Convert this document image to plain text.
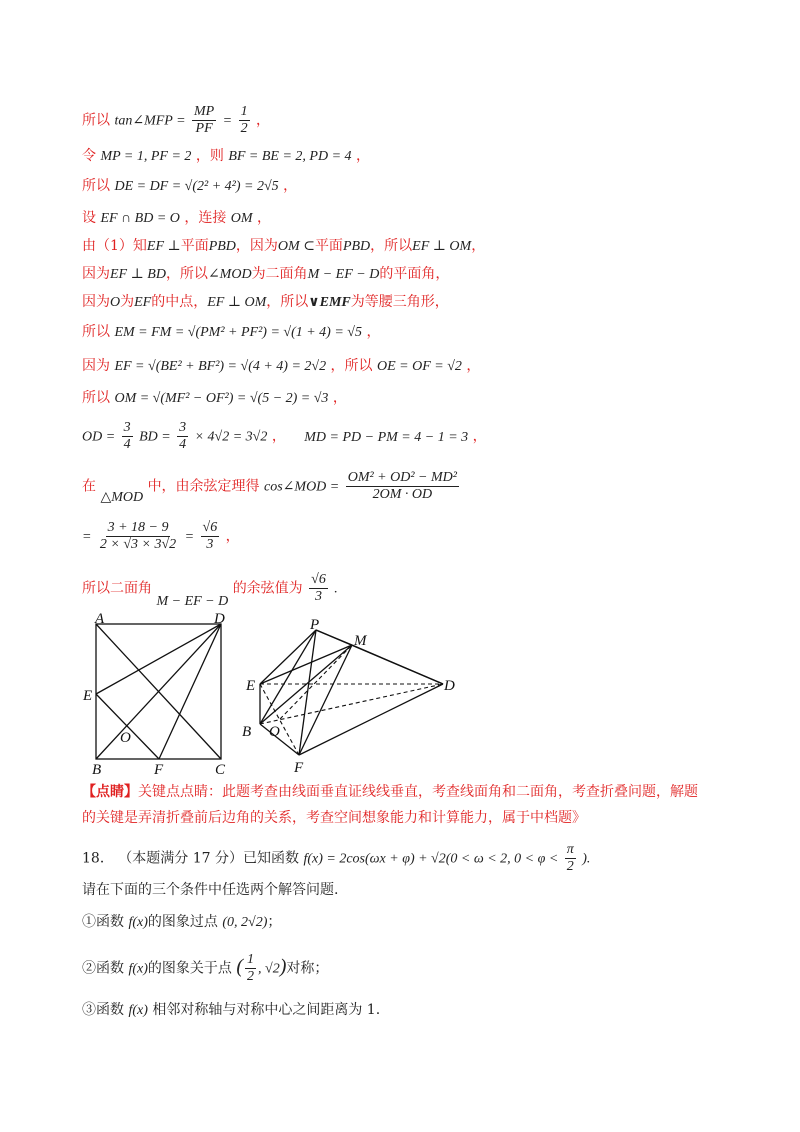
所以 tan∠MFP = $\frac{MP}{PF} = \frac{1}{2}$ ，
令 MP = 1, PF = 2 ，则 BF = BE = 2, PD = 4 ，
所以 DE = DF = √(2² + 4²) = 2√5 ，
设 EF ∩ BD = O ，连接 OM ，
由（1）知EF ⊥平面PBD，因为OM ⊂平面PBD，所以EF ⊥ OM，
因为EF ⊥ BD，所以∠MOD为二面角M − EF − D的平面角，
因为O为EF的中点，EF ⊥ OM，所以∨EMF为等腰三角形，
所以 EM = FM = √(PM² + PF²) = √(1 + 4) = √5 ，
因为 EF = √(BE² + BF²) = √(4 + 4) = 2√2 ，所以 OE = OF = √2 ，
所以 OM = √(MF² − OF²) = √(5 − 2) = √3 ，
OD = $\frac{3}{4}$ BD = $\frac{3}{4} \times 4√2 = 3√2$ ， MD = PD − PM = 4 − 1 = 3 ，
在 △MOD 中，由余弦定理得 cos∠MOD = $\frac{\text{OM² + OD² − MD²}}{2OM \cdot OD}$
= $\frac{3 + 18 - 9}{2 \times √3 \times 3√2} = \frac{√6}{3}$ ，
所以二面角 M − EF − D 的余弦值为 $\frac{√6}{3}$ .
A	D
E
O
B	F	C
P
M
E	D
B O
F
【点睛】关键点点睛：此题考查由线面垂直证线线垂直，考查线面角和二面角，考查折叠问题，解题
的关键是弄清折叠前后边角的关系，考查空间想象能力和计算能力，属于中档题》
18． （本题满分 17 分）已知函数 f(x) = 2cos(ωx + φ) + √2(0 < ω < 2, $0 < \varphi < \frac{\pi}{2}$ ).
请在下面的三个条件中任选两个解答问题.
①函数 f(x)的图象过点 (0, 2√2)；
②函数 f(x)的图象关于点 ( $\frac{1}{2}$ , √2)对称；
③函数 f(x) 相邻对称轴与对称中心之间距离为 1.
